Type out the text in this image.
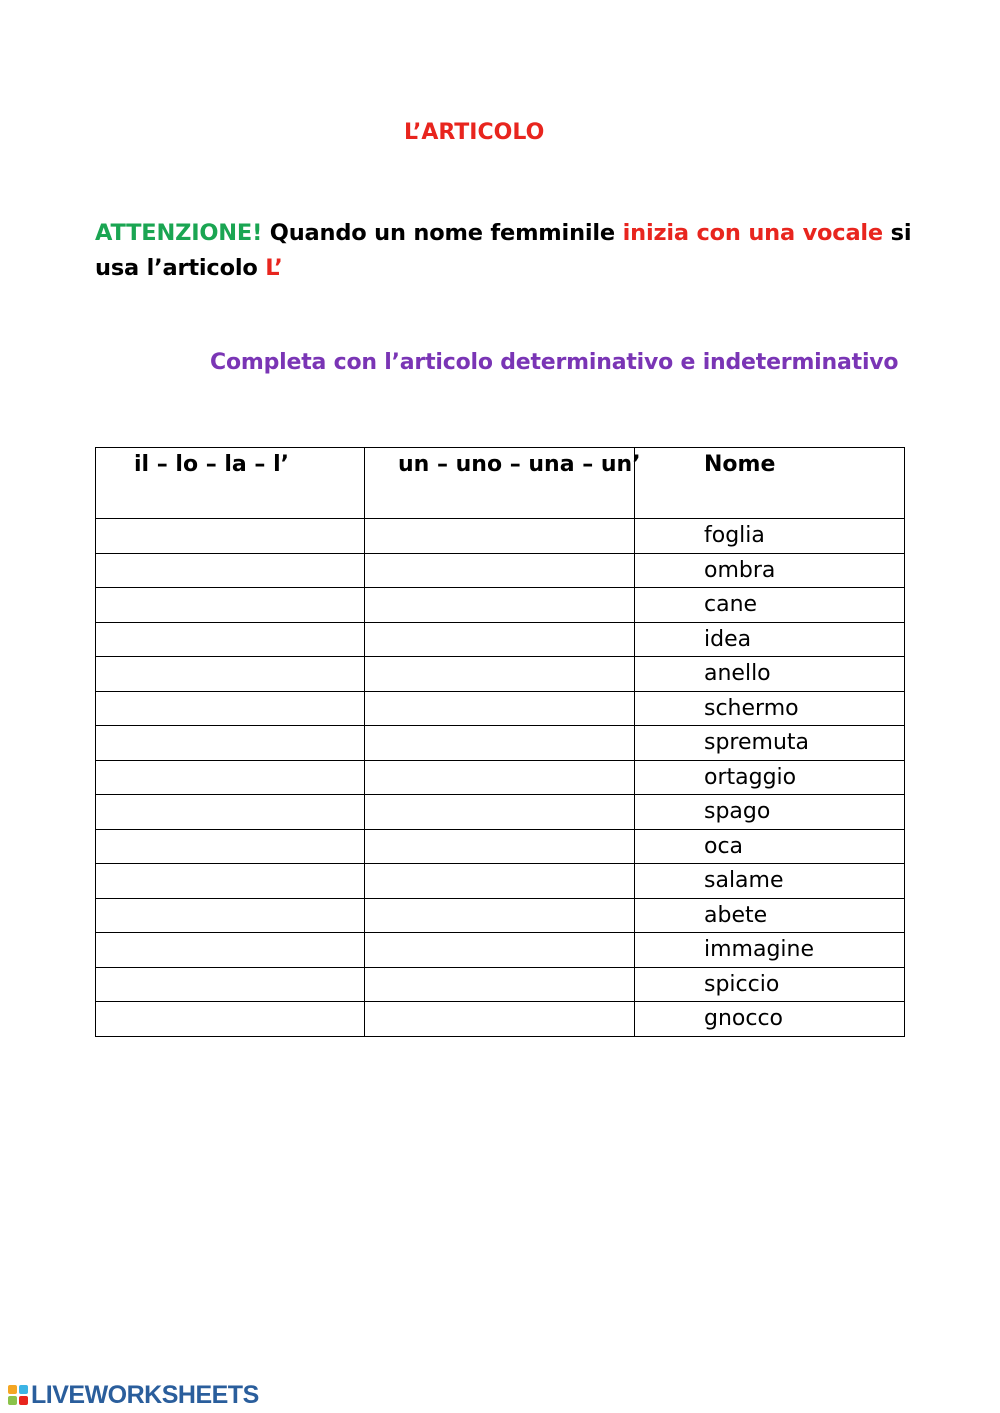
L’ARTICOLO
ATTENZIONE! Quando un nome femminile inizia con una vocale si usa l’articolo L’
Completa con l’articolo determinativo e indeterminativo
il – lo – la – l’	un – uno – una – un’	Nome
		foglia
		ombra
		cane
		idea
		anello
		schermo
		spremuta
		ortaggio
		spago
		oca
		salame
		abete
		immagine
		spiccio
		gnocco
LIVEWORKSHEETS
